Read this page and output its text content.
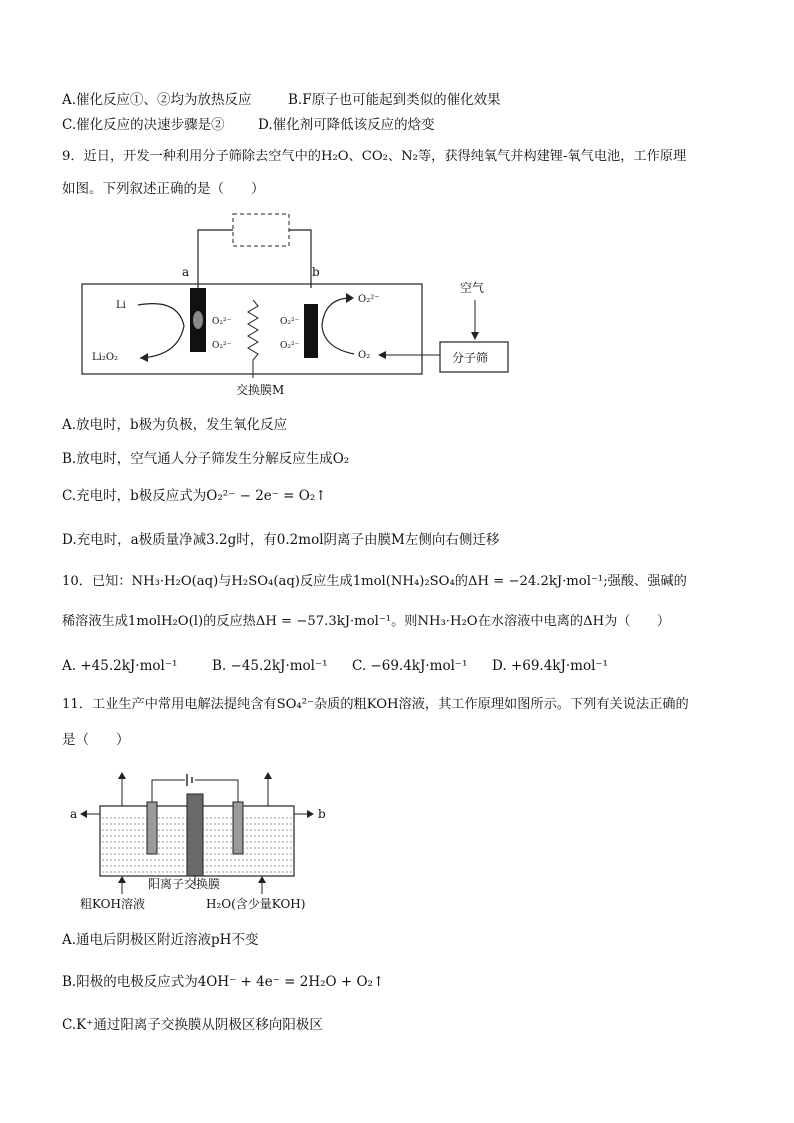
A.催化反应①、②均为放热反应	B.F原子也可能起到类似的催化效果
C.催化反应的决速步骤是② D.催化剂可降低该反应的焓变
9．近日，开发一种利用分子筛除去空气中的H₂O、CO₂、N₂等，获得纯氧气并构建锂-氧气电池，工作原理
如图。下列叙述正确的是（　　）
a	b
交换膜M
O₂²⁻
O₂²⁻
O₂²⁻
O₂²⁻
Li
Li₂O₂
O₂²⁻
O₂	分子筛
空气
A.放电时，b极为负极，发生氧化反应
B.放电时，空气通人分子筛发生分解反应生成O₂
C.充电时，b极反应式为O₂²⁻ − 2e⁻ = O₂↑
D.充电时，a极质量净减3.2g时，有0.2mol阴离子由膜M左侧向右侧迁移
10．已知：NH₃·H₂O(aq)与H₂SO₄(aq)反应生成1mol(NH₄)₂SO₄的ΔH = −24.2kJ·mol⁻¹;强酸、强碱的
稀溶液生成1molH₂O(l)的反应热ΔH = −57.3kJ·mol⁻¹。则NH₃·H₂O在水溶液中电离的ΔH为（　　）
A. +45.2kJ·mol⁻¹	B. −45.2kJ·mol⁻¹ C. −69.4kJ·mol⁻¹ D. +69.4kJ·mol⁻¹
11．工业生产中常用电解法提纯含有SO₄²⁻杂质的粗KOH溶液，其工作原理如图所示。下列有关说法正确的
是（　　）
a	b
阳离子交换膜
粗KOH溶液	H₂O(含少量KOH)
A.通电后阴极区附近溶液pH不变
B.阳极的电极反应式为4OH⁻ + 4e⁻ = 2H₂O + O₂↑
C.K⁺通过阳离子交换膜从阴极区移向阳极区
